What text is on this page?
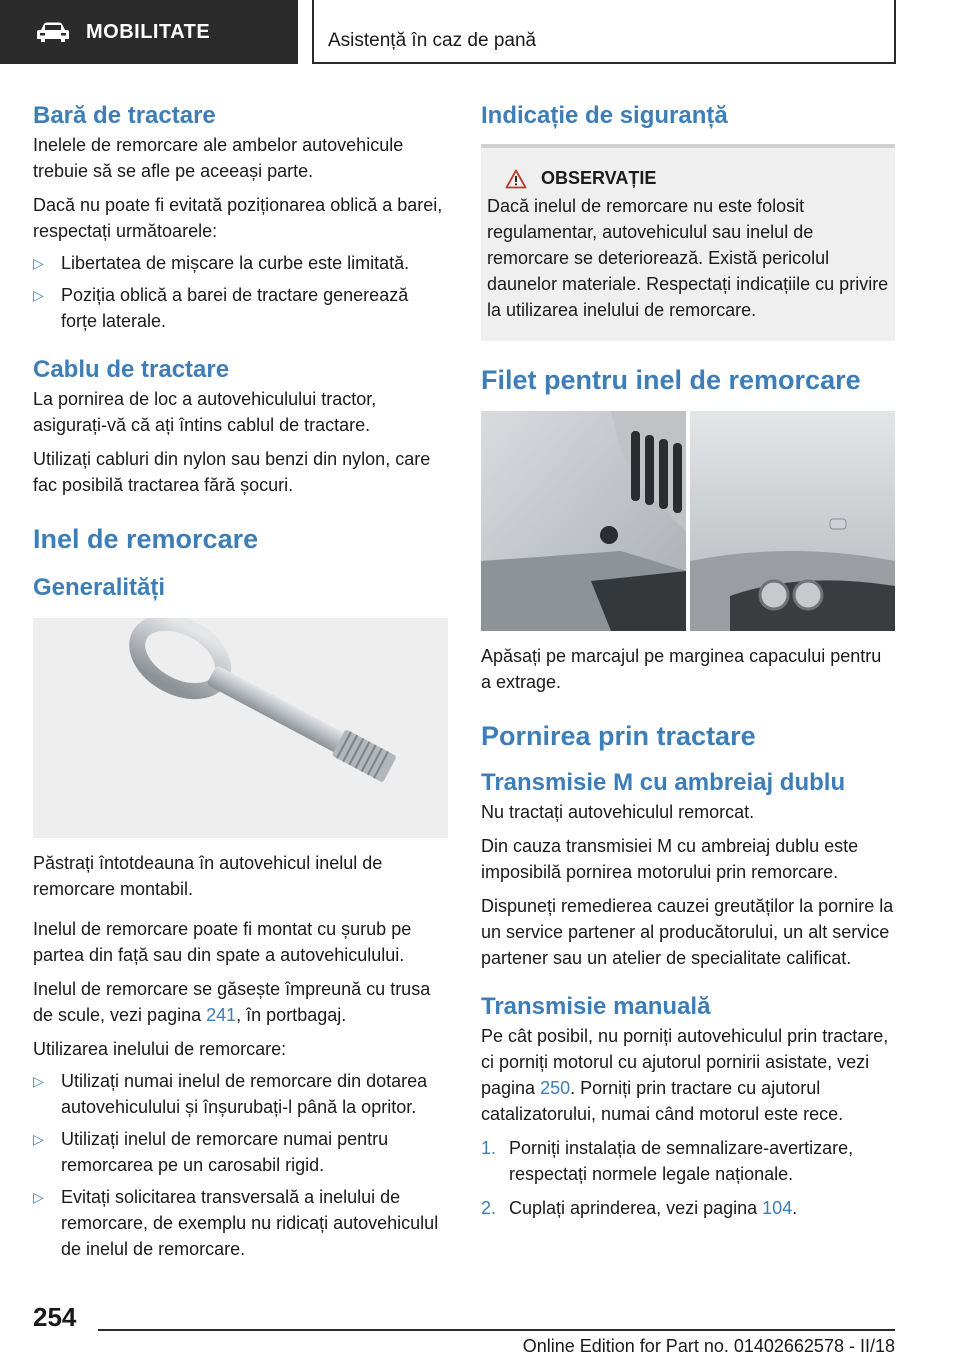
MOBILITATE	Asistență în caz de pană
Bară de tractare

Inelele de remorcare ale ambelor autovehicule trebuie să se afle pe aceeași parte.

Dacă nu poate fi evitată poziționarea oblică a barei, respectați următoarele:

▷ Libertatea de mișcare la curbe este limitată.
▷ Poziția oblică a barei de tractare generează forțe laterale.
Cablu de tractare

La pornirea de loc a autovehiculului tractor, asigurați-vă că ați întins cablul de tractare.

Utilizați cabluri din nylon sau benzi din nylon, care fac posibilă tractarea fără șocuri.

Inel de remorcare
Generalități

Păstrați întotdeauna în autovehicul inelul de remorcare montabil.

Inelul de remorcare poate fi montat cu șurub pe partea din față sau din spate a autovehiculului.

Inelul de remorcare se găsește împreună cu trusa de scule, vezi pagina 241, în portbagaj.

Utilizarea inelului de remorcare:

▷ Utilizați numai inelul de remorcare din dotarea autovehiculului și înșurubați-l până la opritor.
▷ Utilizați inelul de remorcare numai pentru remorcarea pe un carosabil rigid.
▷ Evitați solicitarea transversală a inelului de remorcare, de exemplu nu ridicați autovehiculul de inelul de remorcare.
Indicație de siguranță
OBSERVAȚIE

Dacă inelul de remorcare nu este folosit regulamentar, autovehiculul sau inelul de remorcare se deteriorează. Există pericolul daunelor materiale. Respectați indicațiile cu privire la utilizarea inelului de remorcare.

Filet pentru inel de remorcare

Apăsați pe marcajul pe marginea capacului pentru a extrage.

Pornirea prin tractare
Transmisie M cu ambreiaj dublu

Nu tractați autovehiculul remorcat.

Din cauza transmisiei M cu ambreiaj dublu este imposibilă pornirea motorului prin remorcare.

Dispuneți remedierea cauzei greutăților la pornire la un service partener al producătorului, un alt service partener sau un atelier de specialitate calificat.

Transmisie manuală

Pe cât posibil, nu porniți autovehiculul prin tractare, ci porniți motorul cu ajutorul pornirii asistate, vezi pagina 250. Porniți prin tractare cu ajutorul catalizatorului, numai când motorul este rece.

1. Porniți instalația de semnalizare-avertizare, respectați normele legale naționale.
2. Cuplați aprinderea, vezi pagina 104.
254
Online Edition for Part no. 01402662578 - II/18
